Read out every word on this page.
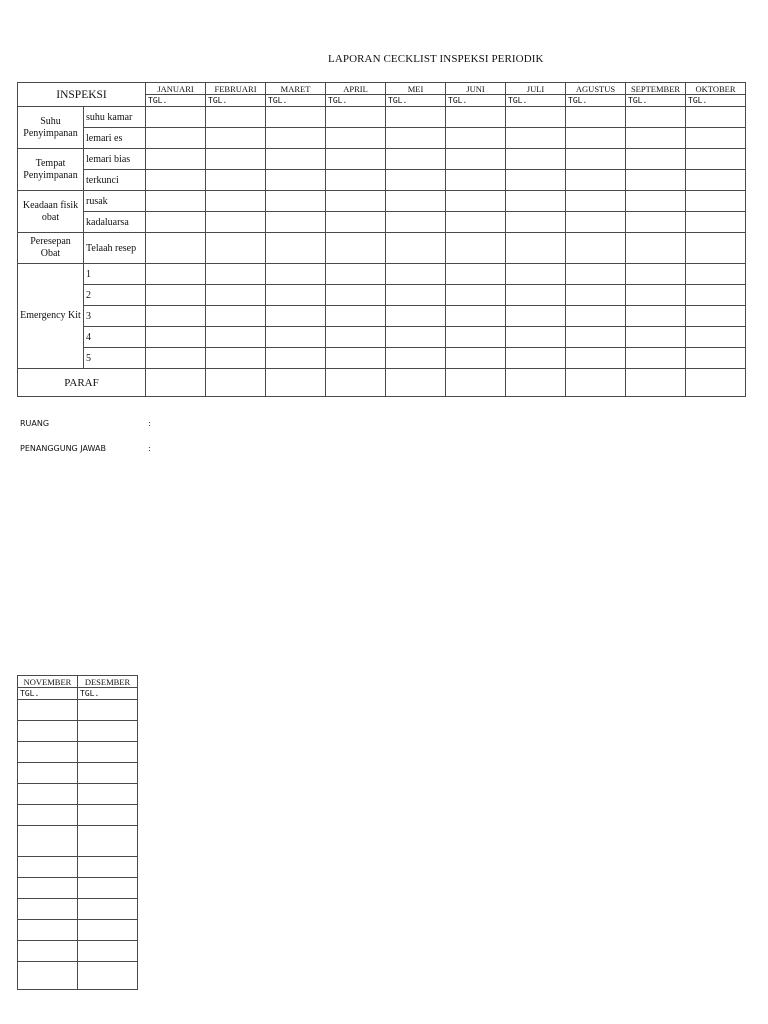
LAPORAN CECKLIST INSPEKSI PERIODIK
INSPEKSI		JANUARI	FEBRUARI	MARET	APRIL	MEI	JUNI	JULI	AGUSTUS	SEPTEMBER	OKTOBER
		TGL.	TGL.	TGL.	TGL.	TGL.	TGL.	TGL.	TGL.	TGL.	TGL.
Suhu Penyimpanan	suhu kamar										
	lemari es										
Tempat Penyimpanan	lemari bias										
	terkunci										
Keadaan fisik obat	rusak										
	kadaluarsa										
Peresepan Obat	Telaah resep										
Emergency Kit	1										
	2										
	3										
	4										
	5										
PARAF											
RUANG	:
PENANGGUNG JAWAB	:
NOVEMBER	DESEMBER
TGL.	TGL.
